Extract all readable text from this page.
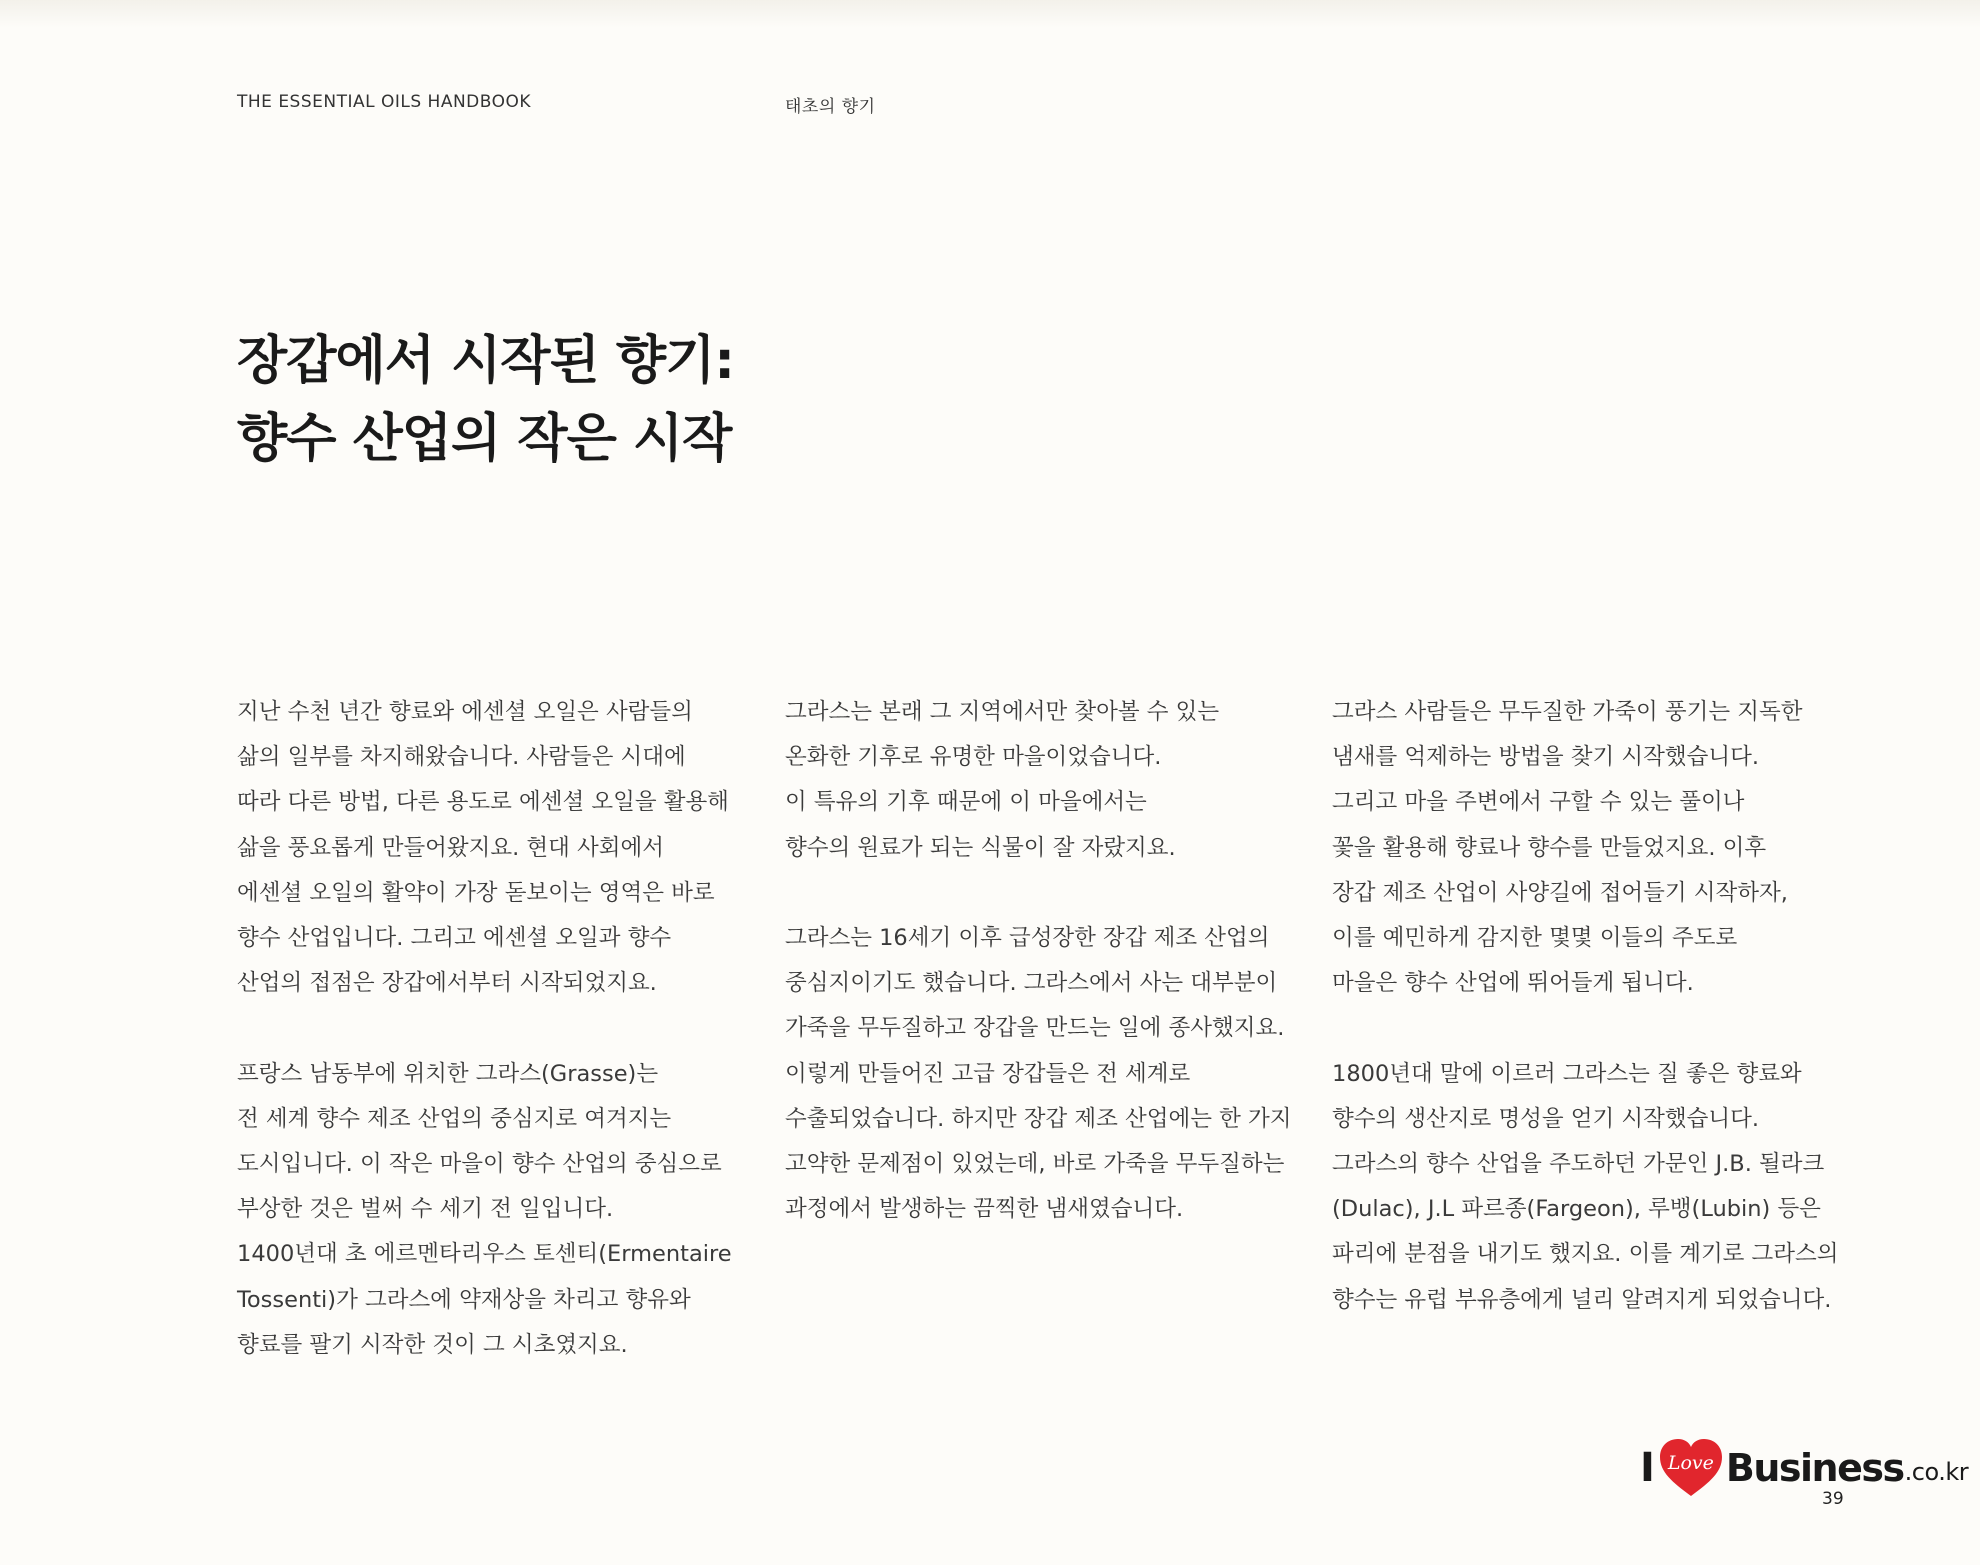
THE ESSENTIAL OILS HANDBOOK	태초의 향기

장갑에서 시작된 향기:
향수 산업의 작은 시작

지난 수천 년간 향료와 에센셜 오일은 사람들의
삶의 일부를 차지해왔습니다. 사람들은 시대에
따라 다른 방법, 다른 용도로 에센셜 오일을 활용해
삶을 풍요롭게 만들어왔지요. 현대 사회에서
에센셜 오일의 활약이 가장 돋보이는 영역은 바로
향수 산업입니다. 그리고 에센셜 오일과 향수
산업의 접점은 장갑에서부터 시작되었지요.

프랑스 남동부에 위치한 그라스(Grasse)는
전 세계 향수 제조 산업의 중심지로 여겨지는
도시입니다. 이 작은 마을이 향수 산업의 중심으로
부상한 것은 벌써 수 세기 전 일입니다.
1400년대 초 에르멘타리우스 토센티(Ermentaire
Tossenti)가 그라스에 약재상을 차리고 향유와
향료를 팔기 시작한 것이 그 시초였지요.

그라스는 본래 그 지역에서만 찾아볼 수 있는
온화한 기후로 유명한 마을이었습니다.
이 특유의 기후 때문에 이 마을에서는
향수의 원료가 되는 식물이 잘 자랐지요.

그라스는 16세기 이후 급성장한 장갑 제조 산업의
중심지이기도 했습니다. 그라스에서 사는 대부분이
가죽을 무두질하고 장갑을 만드는 일에 종사했지요.
이렇게 만들어진 고급 장갑들은 전 세계로
수출되었습니다. 하지만 장갑 제조 산업에는 한 가지
고약한 문제점이 있었는데, 바로 가죽을 무두질하는
과정에서 발생하는 끔찍한 냄새였습니다.

그라스 사람들은 무두질한 가죽이 풍기는 지독한
냄새를 억제하는 방법을 찾기 시작했습니다.
그리고 마을 주변에서 구할 수 있는 풀이나
꽃을 활용해 향료나 향수를 만들었지요. 이후
장갑 제조 산업이 사양길에 접어들기 시작하자,
이를 예민하게 감지한 몇몇 이들의 주도로
마을은 향수 산업에 뛰어들게 됩니다.

1800년대 말에 이르러 그라스는 질 좋은 향료와
향수의 생산지로 명성을 얻기 시작했습니다.
그라스의 향수 산업을 주도하던 가문인 J.B. 될라크
(Dulac), J.L 파르종(Fargeon), 루뱅(Lubin) 등은
파리에 분점을 내기도 했지요. 이를 계기로 그라스의
향수는 유럽 부유층에게 널리 알려지게 되었습니다.

I Love Business .co.kr
39
